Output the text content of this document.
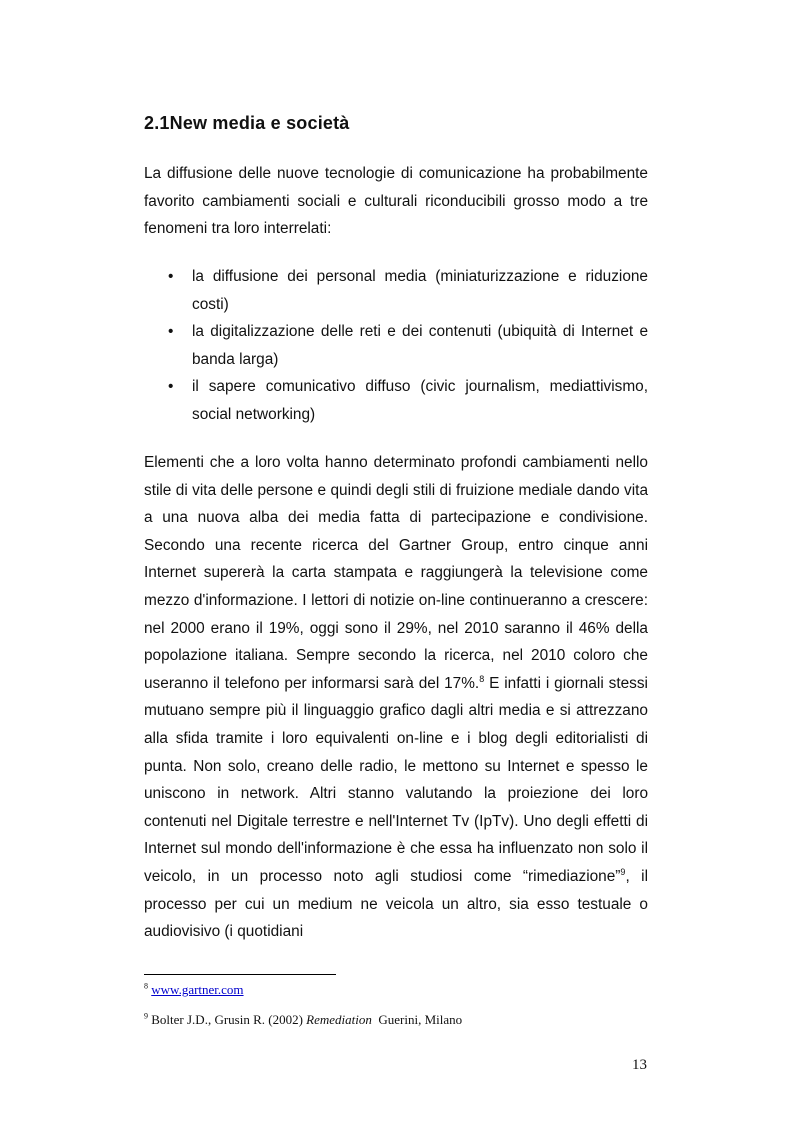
2.1New media e società

La diffusione delle nuove tecnologie di comunicazione ha probabilmente favorito cambiamenti sociali e culturali riconducibili grosso modo a tre fenomeni tra loro interrelati:

• la diffusione dei personal media (miniaturizzazione e riduzione costi)
• la digitalizzazione delle reti e dei contenuti (ubiquità di Internet e banda larga)
• il sapere comunicativo diffuso (civic journalism, mediattivismo, social networking)

Elementi che a loro volta hanno determinato profondi cambiamenti nello stile di vita delle persone e quindi degli stili di fruizione mediale dando vita a una nuova alba dei media fatta di partecipazione e condivisione. Secondo una recente ricerca del Gartner Group, entro cinque anni Internet supererà la carta stampata e raggiungerà la televisione come mezzo d'informazione. I lettori di notizie on-line continueranno a crescere: nel 2000 erano il 19%, oggi sono il 29%, nel 2010 saranno il 46% della popolazione italiana. Sempre secondo la ricerca, nel 2010 coloro che useranno il telefono per informarsi sarà del 17%.$^8$ E infatti i giornali stessi mutuano sempre più il linguaggio grafico dagli altri media e si attrezzano alla sfida tramite i loro equivalenti on-line e i blog degli editorialisti di punta. Non solo, creano delle radio, le mettono su Internet e spesso le uniscono in network. Altri stanno valutando la proiezione dei loro contenuti nel Digitale terrestre e nell'Internet Tv (IpTv). Uno degli effetti di Internet sul mondo dell'informazione è che essa ha influenzato non solo il veicolo, in un processo noto agli studiosi come “rimediazione”$^9$, il processo per cui un medium ne veicola un altro, sia esso testuale o audiovisivo (i quotidiani

$^8$ www.gartner.com
$^9$ Bolter J.D., Grusin R. (2002) Remediation  Guerini, Milano
13
